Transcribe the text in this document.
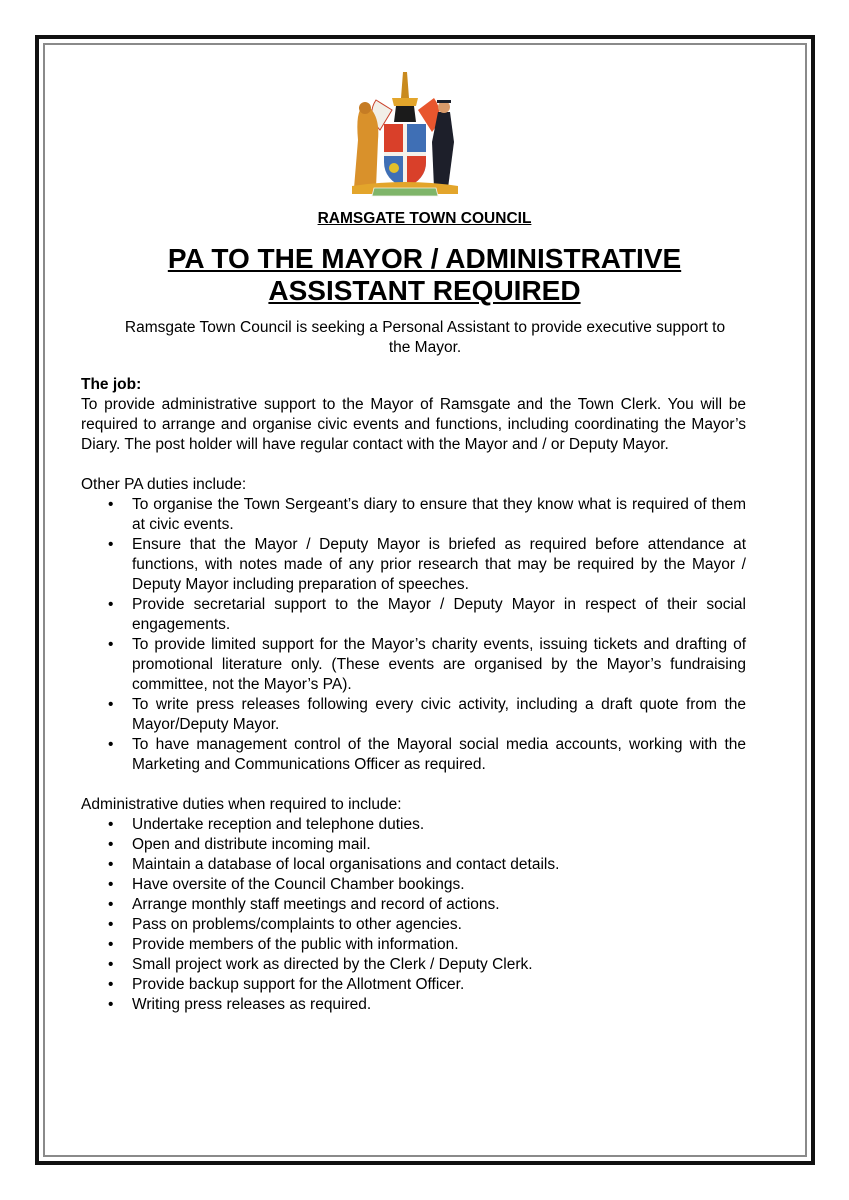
RAMSGATE TOWN COUNCIL
PA TO THE MAYOR / ADMINISTRATIVE
ASSISTANT REQUIRED
Ramsgate Town Council is seeking a Personal Assistant to provide executive support to the Mayor.

The job:

To provide administrative support to the Mayor of Ramsgate and the Town Clerk. You will be required to arrange and organise civic events and functions, including coordinating the Mayor’s Diary. The post holder will have regular contact with the Mayor and / or Deputy Mayor.

Other PA duties include:

• To organise the Town Sergeant’s diary to ensure that they know what is required of them at civic events.
• Ensure that the Mayor / Deputy Mayor is briefed as required before attendance at functions, with notes made of any prior research that may be required by the Mayor / Deputy Mayor including preparation of speeches.
• Provide secretarial support to the Mayor / Deputy Mayor in respect of their social engagements.
• To provide limited support for the Mayor’s charity events, issuing tickets and drafting of promotional literature only. (These events are organised by the Mayor’s fundraising committee, not the Mayor’s PA).
• To write press releases following every civic activity, including a draft quote from the Mayor/Deputy Mayor.
• To have management control of the Mayoral social media accounts, working with the Marketing and Communications Officer as required.

Administrative duties when required to include:

• Undertake reception and telephone duties.
• Open and distribute incoming mail.
• Maintain a database of local organisations and contact details.
• Have oversite of the Council Chamber bookings.
• Arrange monthly staff meetings and record of actions.
• Pass on problems/complaints to other agencies.
• Provide members of the public with information.
• Small project work as directed by the Clerk / Deputy Clerk.
• Provide backup support for the Allotment Officer.
• Writing press releases as required.
